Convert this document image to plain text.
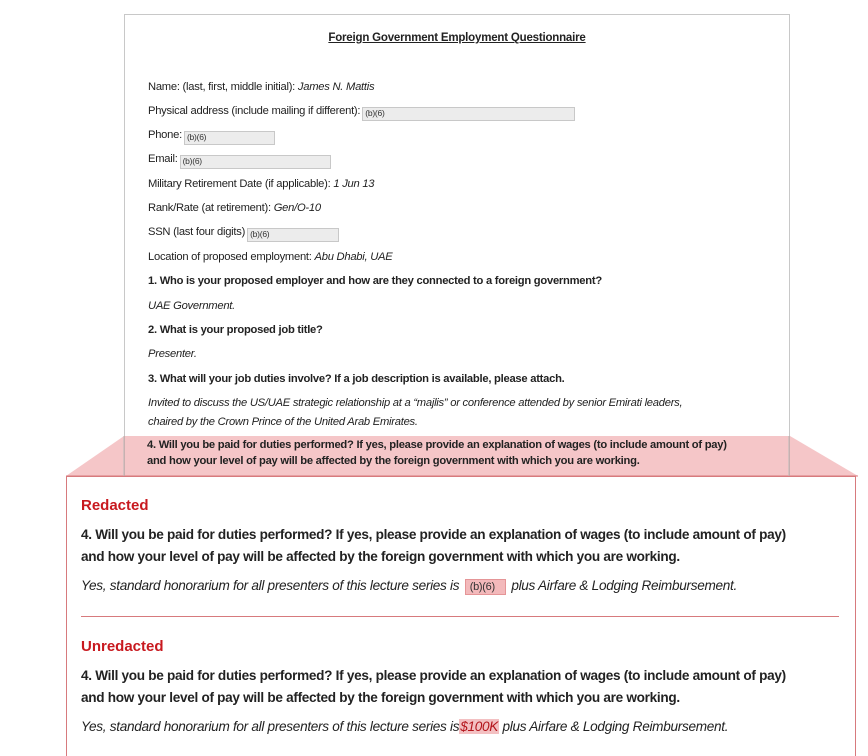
Foreign Government Employment Questionnaire
Name: (last, first, middle initial): James N. Mattis
Physical address (include mailing if different): (b)(6)
Phone: (b)(6)
Email: (b)(6)
Military Retirement Date (if applicable): 1 Jun 13
Rank/Rate (at retirement): Gen/O-10
SSN (last four digits) (b)(6)
Location of proposed employment: Abu Dhabi, UAE
1. Who is your proposed employer and how are they connected to a foreign government?
UAE Government.
2. What is your proposed job title?
Presenter.
3. What will your job duties involve? If a job description is available, please attach.
Invited to discuss the US/UAE strategic relationship at a “majlis” or conference attended by senior Emirati leaders,
chaired by the Crown Prince of the United Arab Emirates.
4. Will you be paid for duties performed? If yes, please provide an explanation of wages (to include amount of pay)
and how your level of pay will be affected by the foreign government with which you are working.
Redacted
4. Will you be paid for duties performed? If yes, please provide an explanation of wages (to include amount of pay)
and how your level of pay will be affected by the foreign government with which you are working.
Yes, standard honorarium for all presenters of this lecture series is (b)(6) plus Airfare & Lodging Reimbursement.
Unredacted
4. Will you be paid for duties performed? If yes, please provide an explanation of wages (to include amount of pay)
and how your level of pay will be affected by the foreign government with which you are working.
Yes, standard honorarium for all presenters of this lecture series is$100K plus Airfare & Lodging Reimbursement.
